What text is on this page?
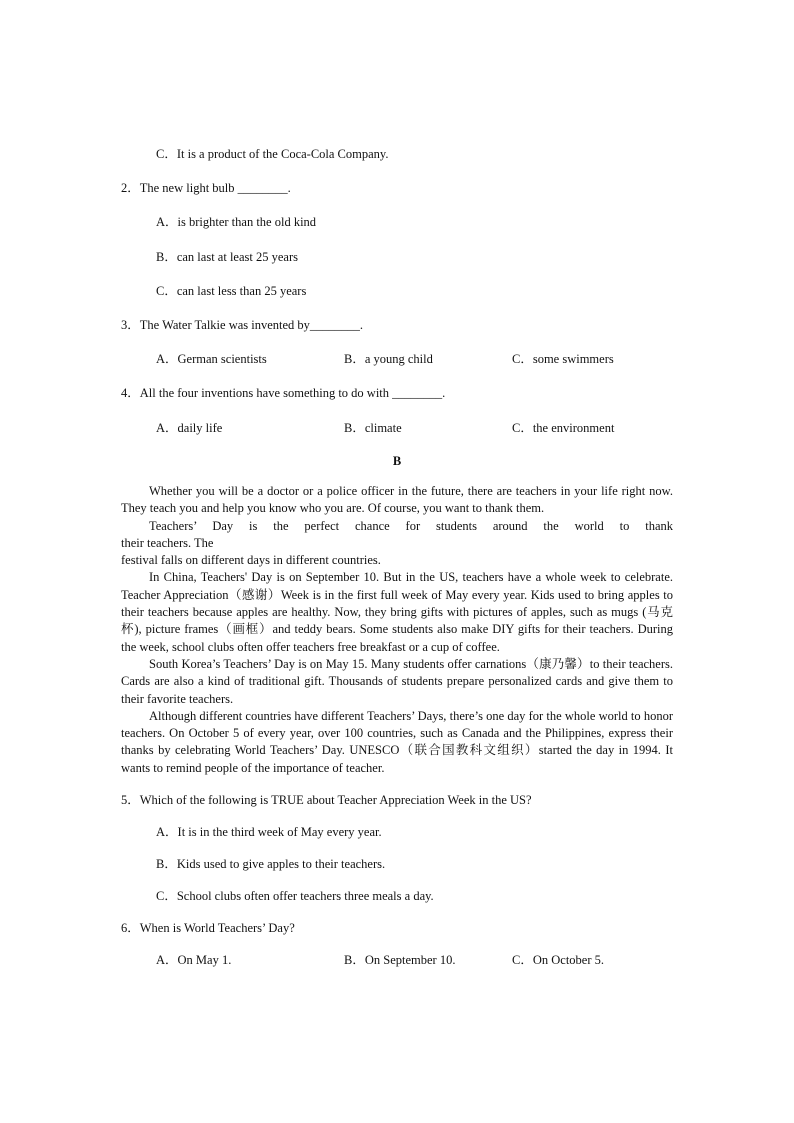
C．It is a product of the Coca-Cola Company.
2．The new light bulb ________.
A．is brighter than the old kind
B．can last at least 25 years
C．can last less than 25 years
3．The Water Talkie was invented by________.
A．German scientists	B．a young child	C．some swimmers
4．All the four inventions have something to do with ________.
A．daily life	B．climate	C．the environment
B

Whether you will be a doctor or a police officer in the future, there are teachers in your life right now. They teach you and help you know who you are. Of course, you want to thank them.

Teachers’ Day is the perfect chance for students around the world to thank
their teachers. The
festival falls on different days in different countries.

In China, Teachers' Day is on September 10. But in the US, teachers have a whole week to celebrate. Teacher Appreciation（感谢）Week is in the first full week of May every year. Kids used to bring apples to their teachers because apples are healthy. Now, they bring gifts with pictures of apples, such as mugs (马克杯), picture frames（画框）and teddy bears. Some students also make DIY gifts for their teachers. During the week, school clubs often offer teachers free breakfast or a cup of coffee.

South Korea’s Teachers’ Day is on May 15. Many students offer carnations（康乃馨）to their teachers. Cards are also a kind of traditional gift. Thousands of students prepare personalized cards and give them to their favorite teachers.

Although different countries have different Teachers’ Days, there’s one day for the whole world to honor teachers. On October 5 of every year, over 100 countries, such as Canada and the Philippines, express their thanks by celebrating World Teachers’ Day. UNESCO（联合国教科文组织）started the day in 1994. It wants to remind people of the importance of teacher.

5．Which of the following is TRUE about Teacher Appreciation Week in the US?
A．It is in the third week of May every year.
B．Kids used to give apples to their teachers.
C．School clubs often offer teachers three meals a day.
6．When is World Teachers’ Day?
A．On May 1.	B．On September 10.	C．On October 5.
